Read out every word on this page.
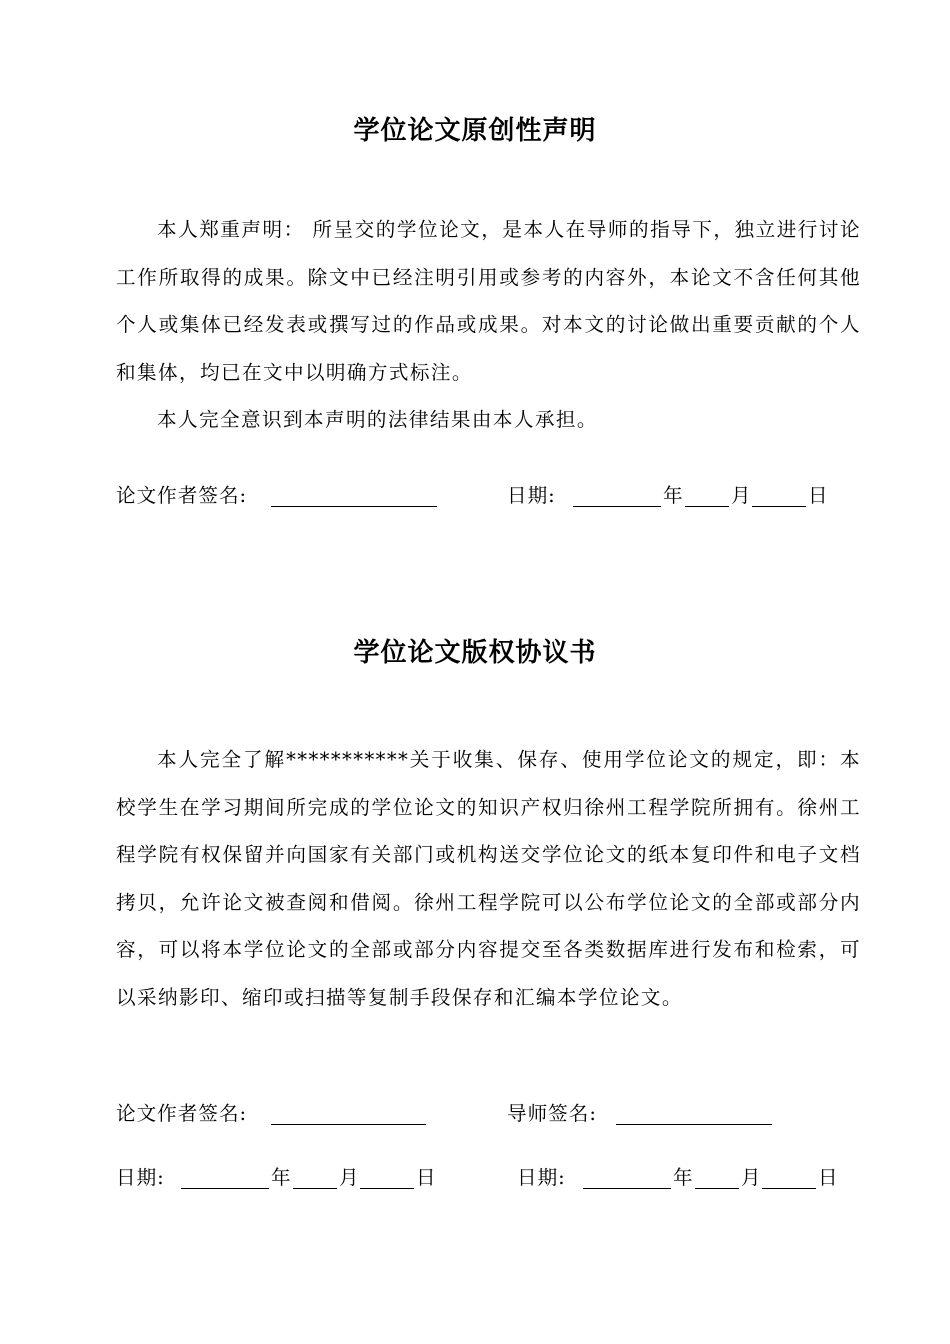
学位论文原创性声明

本人郑重声明： 所呈交的学位论文，是本人在导师的指导下，独立进行讨论工作所取得的成果。除文中已经注明引用或参考的内容外，本论文不含任何其他个人或集体已经发表或撰写过的作品或成果。对本文的讨论做出重要贡献的个人和集体，均已在文中以明确方式标注。

本人完全意识到本声明的法律结果由本人承担。

论文作者签名:	日期:	年 月	日
学位论文版权协议书

本人完全了解***********关于收集、保存、使用学位论文的规定，即：本校学生在学习期间所完成的学位论文的知识产权归徐州工程学院所拥有。徐州工程学院有权保留并向国家有关部门或机构送交学位论文的纸本复印件和电子文档拷贝，允许论文被查阅和借阅。徐州工程学院可以公布学位论文的全部或部分内容，可以将本学位论文的全部或部分内容提交至各类数据库进行发布和检索，可以采纳影印、缩印或扫描等复制手段保存和汇编本学位论文。

论文作者签名:	导师签名:
日期:	年 月	日	日期:	年 月	日
